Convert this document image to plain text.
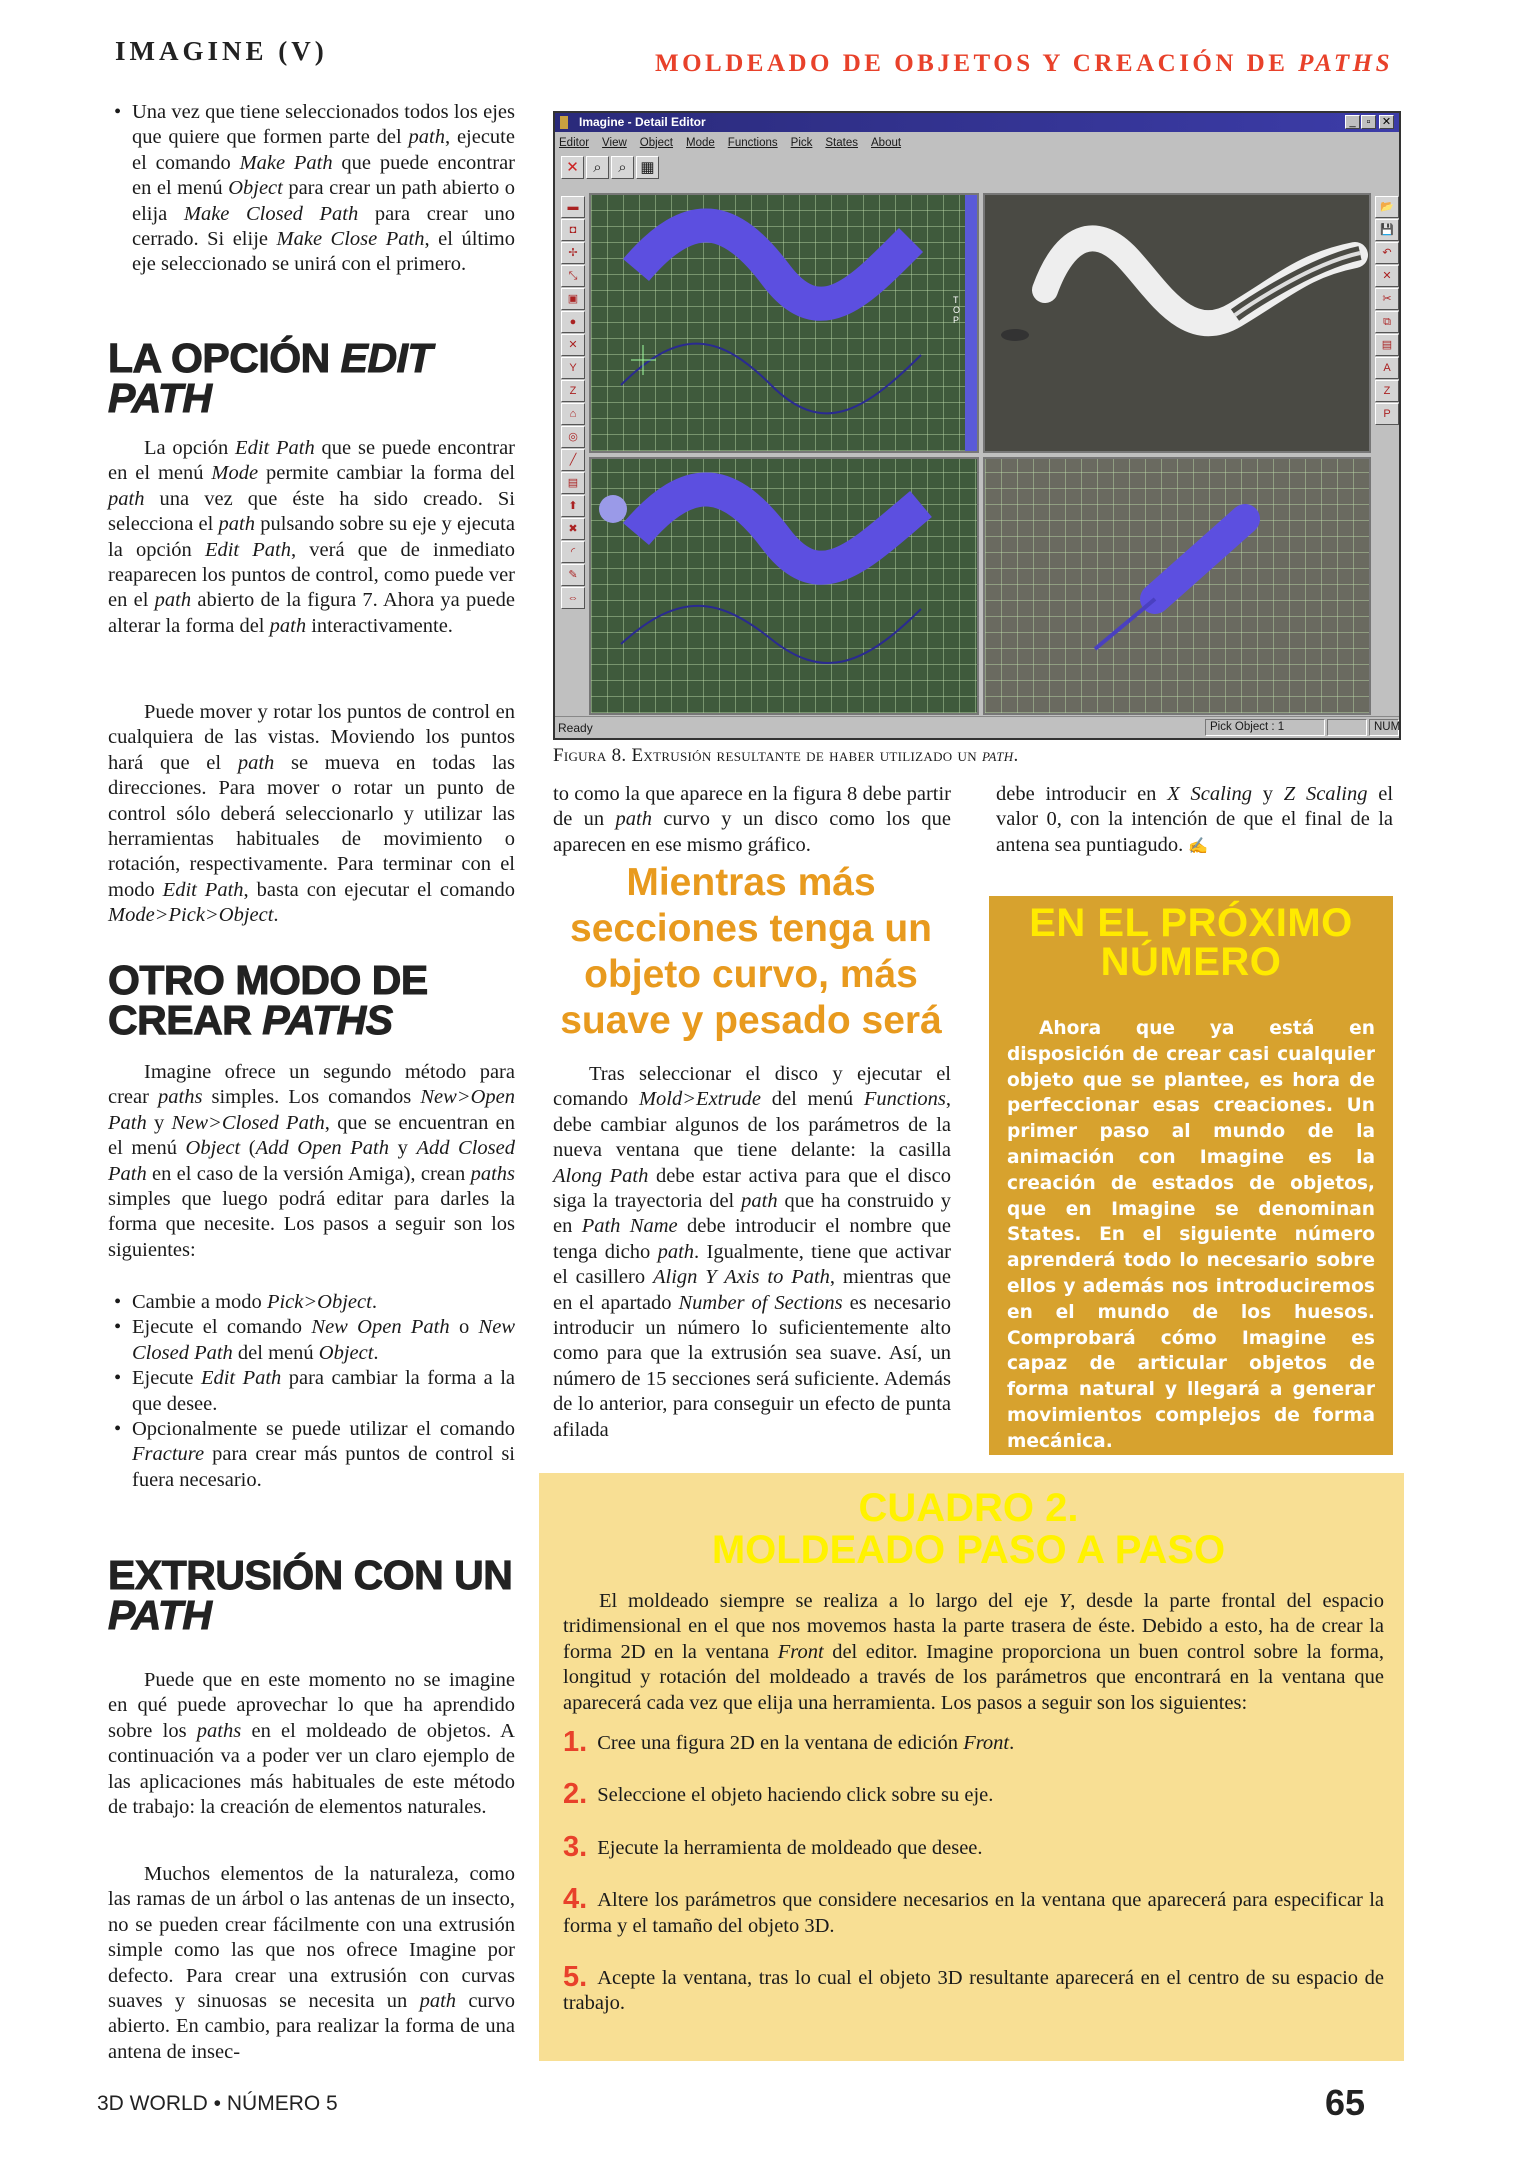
IMAGINE (V)	MOLDEADO DE OBJETOS Y CREACIÓN DE PATHS
• Una vez que tiene seleccionados todos los ejes que quiere que formen parte del path, ejecute el comando Make Path que puede encontrar en el menú Object para crear un path abierto o elija Make Closed Path para crear uno cerrado. Si elije Make Close Path, el último eje seleccionado se unirá con el primero.
LA OPCIÓN EDIT PATH

La opción Edit Path que se puede encontrar en el menú Mode permite cambiar la forma del path una vez que éste ha sido creado. Si selecciona el path pulsando sobre su eje y ejecuta la opción Edit Path, verá que de inmediato reaparecen los puntos de control, como puede ver en el path abierto de la figura 7. Ahora ya puede alterar la forma del path interactivamente.

Puede mover y rotar los puntos de control en cualquiera de las vistas. Moviendo los puntos hará que el path se mueva en todas las direcciones. Para mover o rotar un punto de control sólo deberá seleccionarlo y utilizar las herramientas habituales de movimiento o rotación, respectivamente. Para terminar con el modo Edit Path, basta con ejecutar el comando Mode>Pick>Object.

OTRO MODO DE CREAR PATHS

Imagine ofrece un segundo método para crear paths simples. Los comandos New>Open Path y New>Closed Path, que se encuentran en el menú Object (Add Open Path y Add Closed Path en el caso de la versión Amiga), crean paths simples que luego podrá editar para darles la forma que necesite. Los pasos a seguir son los siguientes:

• Cambie a modo Pick>Object.
• Ejecute el comando New Open Path o New Closed Path del menú Object.
• Ejecute Edit Path para cambiar la forma a la que desee.
• Opcionalmente se puede utilizar el comando Fracture para crear más puntos de control si fuera necesario.
EXTRUSIÓN CON UN PATH

Puede que en este momento no se imagine en qué puede aprovechar lo que ha aprendido sobre los paths en el moldeado de objetos. A continuación va a poder ver un claro ejemplo de las aplicaciones más habituales de este método de trabajo: la creación de elementos naturales.

Muchos elementos de la naturaleza, como las ramas de un árbol o las antenas de un insecto, no se pueden crear fácilmente con una extrusión simple como las que nos ofrece Imagine por defecto. Para crear una extrusión con curvas suaves y sinuosas se necesita un path curvo abierto. En cambio, para realizar la forma de una antena de insec-

Imagine - Detail Editor	_ ▫	✕
Editor View Object Mode Functions Pick States About
✕ ⌕	⌕ ▦
▬
◘
✢
⤡
▣
●
✕
Y
Z
⌂
◎
╱
▤
⬆
✖
◜
✎
⇔
📂
💾
↶
✕
✂
⧉
▤
A
Z
P
TOP
Ready	Pick Object : 1	NUM
Figura 8. Extrusión resultante de haber utilizado un path.

to como la que aparece en la figura 8 debe partir de un path curvo y un disco como los que aparecen en ese mismo gráfico.

Mientras más secciones tenga un objeto curvo, más suave y pesado será

Tras seleccionar el disco y ejecutar el comando Mold>Extrude del menú Functions, debe cambiar algunos de los parámetros de la nueva ventana que tiene delante: la casilla Along Path debe estar activa para que el disco siga la trayectoria del path que ha construido y en Path Name debe introducir el nombre que tenga dicho path. Igualmente, tiene que activar el casillero Align Y Axis to Path, mientras que en el apartado Number of Sections es necesario introducir un número lo suficientemente alto como para que la extrusión sea suave. Así, un número de 15 secciones será suficiente. Además de lo anterior, para conseguir un efecto de punta afilada

debe introducir en X Scaling y Z Scaling el valor 0, con la intención de que el final de la antena sea puntiagudo. ✍

EN EL PRÓXIMO NÚMERO

Ahora que ya está en disposición de crear casi cualquier objeto que se plantee, es hora de perfeccionar esas creaciones. Un primer paso al mundo de la animación con Imagine es la creación de estados de objetos, que en Imagine se denominan States. En el siguiente número aprenderá todo lo necesario sobre ellos y además nos introduciremos en el mundo de los huesos. Comprobará cómo Imagine es capaz de articular objetos de forma natural y llegará a generar movimientos complejos de forma mecánica.

CUADRO 2.
MOLDEADO PASO A PASO

El moldeado siempre se realiza a lo largo del eje Y, desde la parte frontal del espacio tridimensional en el que nos movemos hasta la parte trasera de éste. Debido a esto, ha de crear la forma 2D en la ventana Front del editor. Imagine proporciona un buen control sobre la forma, longitud y rotación del moldeado a través de los parámetros que encontrará en la ventana que aparecerá cada vez que elija una herramienta. Los pasos a seguir son los siguientes:

1. Cree una figura 2D en la ventana de edición Front.
2. Seleccione el objeto haciendo click sobre su eje.
3. Ejecute la herramienta de moldeado que desee.
4. Altere los parámetros que considere necesarios en la ventana que aparecerá para especificar la forma y el tamaño del objeto 3D.
5. Acepte la ventana, tras lo cual el objeto 3D resultante aparecerá en el centro de su espacio de trabajo.
3D WORLD • NÚMERO 5	65
